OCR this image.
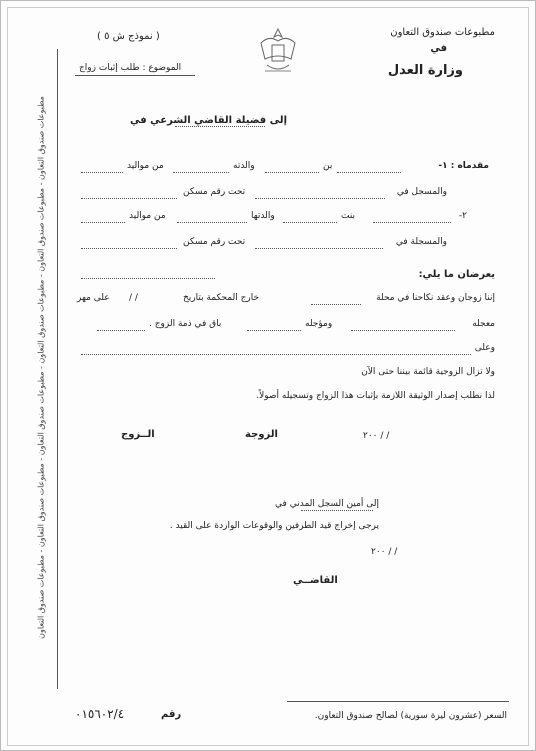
مطبوعات صندوق التعاون
في
وزارة العدل
( نموذج ش ٥ )
الموضوع : طلب إثبات زواج
مطبوعات صندوق التعاون - مطبوعات صندوق التعاون - مطبوعات صندوق التعاون - مطبوعات صندوق التعاون - مطبوعات صندوق التعاون - مطبوعات صندوق التعاون	إلى فضيلة القاضي الشرعي في
مقدماه : ١-
بن
والدته
من مواليد
والمسجل في
تحت رقم مسكن
٢-
بنت
والدتها
من مواليد
والمسجلة في
تحت رقم مسكن
يعرضان ما يلي:
إننا زوجان وعقد نكاحنا في محلة
خارج المحكمة بتاريخ
/ /
على مهر
معجله
ومؤجله
باق في ذمة الزوج .
وعلى
ولا تزال الزوجية قائمة بيننا حتى الآن
لذا نطلب إصدار الوثيقة اللازمة بإثبات هذا الزواج وتسجيله أصولاً.
/ / ٢٠٠
الزوجة
الــزوج
إلى أمين السجل المدني في
يرجى إخراج قيد الطرفين والوقوعات الواردة على القيد .
/ / ٢٠٠
القاضــي
السعر (عشرون ليرة سورية) لصالح صندوق التعاون.
رقم
٠١٥٦٠٢/٤
